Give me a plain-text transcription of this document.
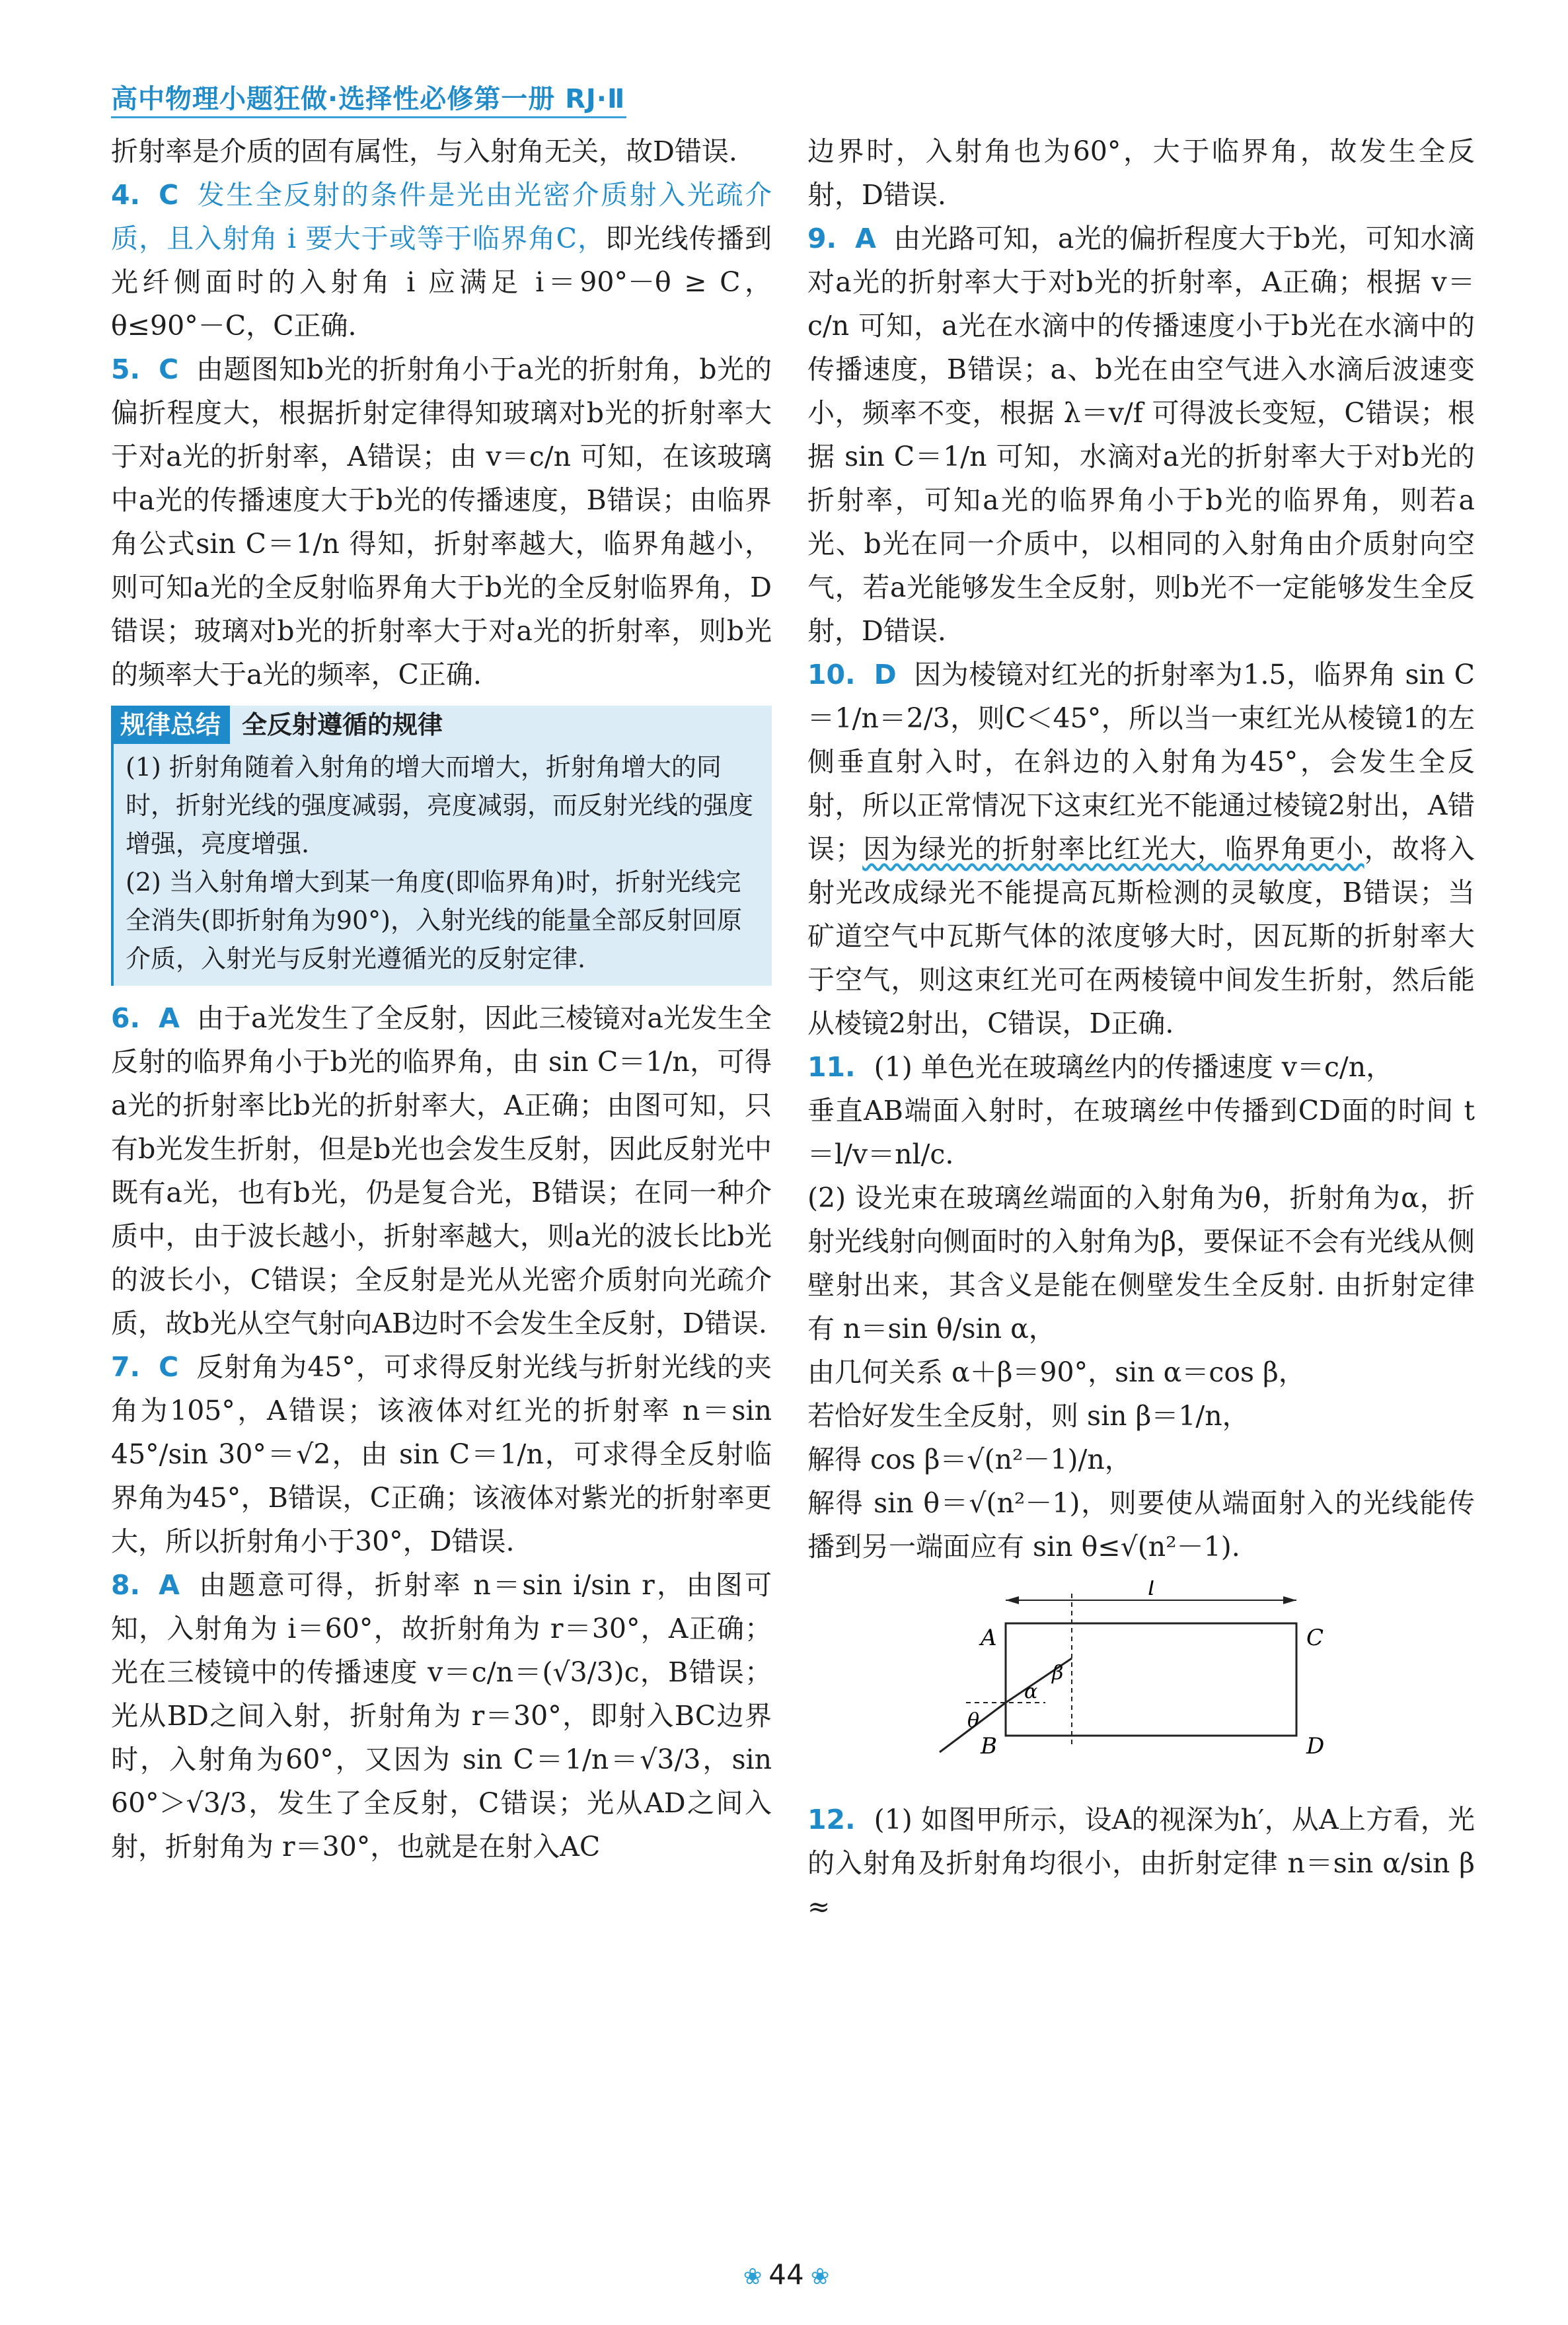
高中物理小题狂做·选择性必修第一册 RJ·Ⅱ

折射率是介质的固有属性，与入射角无关，故D错误.

4. C 发生全反射的条件是光由光密介质射入光疏介质，且入射角 i 要大于或等于临界角C，即光线传播到光纤侧面时的入射角 i 应满足 i＝90°－θ ≥ C，θ≤90°－C，C正确.

5. C 由题图知b光的折射角小于a光的折射角，b光的偏折程度大，根据折射定律得知玻璃对b光的折射率大于对a光的折射率，A错误；由 v＝c/n 可知，在该玻璃中a光的传播速度大于b光的传播速度，B错误；由临界角公式sin C＝1/n 得知，折射率越大，临界角越小，则可知a光的全反射临界角大于b光的全反射临界角，D错误；玻璃对b光的折射率大于对a光的折射率，则b光的频率大于a光的频率，C正确.

规律总结 全反射遵循的规律

(1) 折射角随着入射角的增大而增大，折射角增大的同时，折射光线的强度减弱，亮度减弱，而反射光线的强度增强，亮度增强.

(2) 当入射角增大到某一角度(即临界角)时，折射光线完全消失(即折射角为90°)，入射光线的能量全部反射回原介质，入射光与反射光遵循光的反射定律.

6. A 由于a光发生了全反射，因此三棱镜对a光发生全反射的临界角小于b光的临界角，由 sin C＝1/n，可得a光的折射率比b光的折射率大，A正确；由图可知，只有b光发生折射，但是b光也会发生反射，因此反射光中既有a光，也有b光，仍是复合光，B错误；在同一种介质中，由于波长越小，折射率越大，则a光的波长比b光的波长小，C错误；全反射是光从光密介质射向光疏介质，故b光从空气射向AB边时不会发生全反射，D错误.

7. C 反射角为45°，可求得反射光线与折射光线的夹角为105°，A错误；该液体对红光的折射率 n＝sin 45°/sin 30°＝√2，由 sin C＝1/n，可求得全反射临界角为45°，B错误，C正确；该液体对紫光的折射率更大，所以折射角小于30°，D错误.

8. A 由题意可得，折射率 n＝sin i/sin r，由图可知，入射角为 i＝60°，故折射角为 r＝30°，A正确；光在三棱镜中的传播速度 v＝c/n＝(√3/3)c，B错误；光从BD之间入射，折射角为 r＝30°，即射入BC边界时，入射角为60°，又因为 sin C＝1/n＝√3/3，sin 60°＞√3/3，发生了全反射，C错误；光从AD之间入射，折射角为 r＝30°，也就是在射入AC

边界时，入射角也为60°，大于临界角，故发生全反射，D错误.

9. A 由光路可知，a光的偏折程度大于b光，可知水滴对a光的折射率大于对b光的折射率，A正确；根据 v＝c/n 可知，a光在水滴中的传播速度小于b光在水滴中的传播速度，B错误；a、b光在由空气进入水滴后波速变小，频率不变，根据 λ＝v/f 可得波长变短，C错误；根据 sin C＝1/n 可知，水滴对a光的折射率大于对b光的折射率，可知a光的临界角小于b光的临界角，则若a光、b光在同一介质中，以相同的入射角由介质射向空气，若a光能够发生全反射，则b光不一定能够发生全反射，D错误.

10. D 因为棱镜对红光的折射率为1.5，临界角 sin C＝1/n＝2/3，则C＜45°，所以当一束红光从棱镜1的左侧垂直射入时，在斜边的入射角为45°，会发生全反射，所以正常情况下这束红光不能通过棱镜2射出，A错误；因为绿光的折射率比红光大，临界角更小，故将入射光改成绿光不能提高瓦斯检测的灵敏度，B错误；当矿道空气中瓦斯气体的浓度够大时，因瓦斯的折射率大于空气，则这束红光可在两棱镜中间发生折射，然后能从棱镜2射出，C错误，D正确.

11. (1) 单色光在玻璃丝内的传播速度 v＝c/n，

垂直AB端面入射时，在玻璃丝中传播到CD面的时间 t＝l/v＝nl/c.

(2) 设光束在玻璃丝端面的入射角为θ，折射角为α，折射光线射向侧面时的入射角为β，要保证不会有光线从侧壁射出来，其含义是能在侧壁发生全反射. 由折射定律有 n＝sin θ/sin α，

由几何关系 α＋β＝90°，sin α＝cos β，

若恰好发生全反射，则 sin β＝1/n，

解得 cos β＝√(n²－1)/n，

解得 sin θ＝√(n²－1)，则要使从端面射入的光线能传播到另一端面应有 sin θ≤√(n²－1).

l
A
B
C
D
θ
α
β

12. (1) 如图甲所示，设A的视深为h′，从A上方看，光的入射角及折射角均很小，由折射定律 n＝sin α/sin β ≈

❀ 44 ❀
